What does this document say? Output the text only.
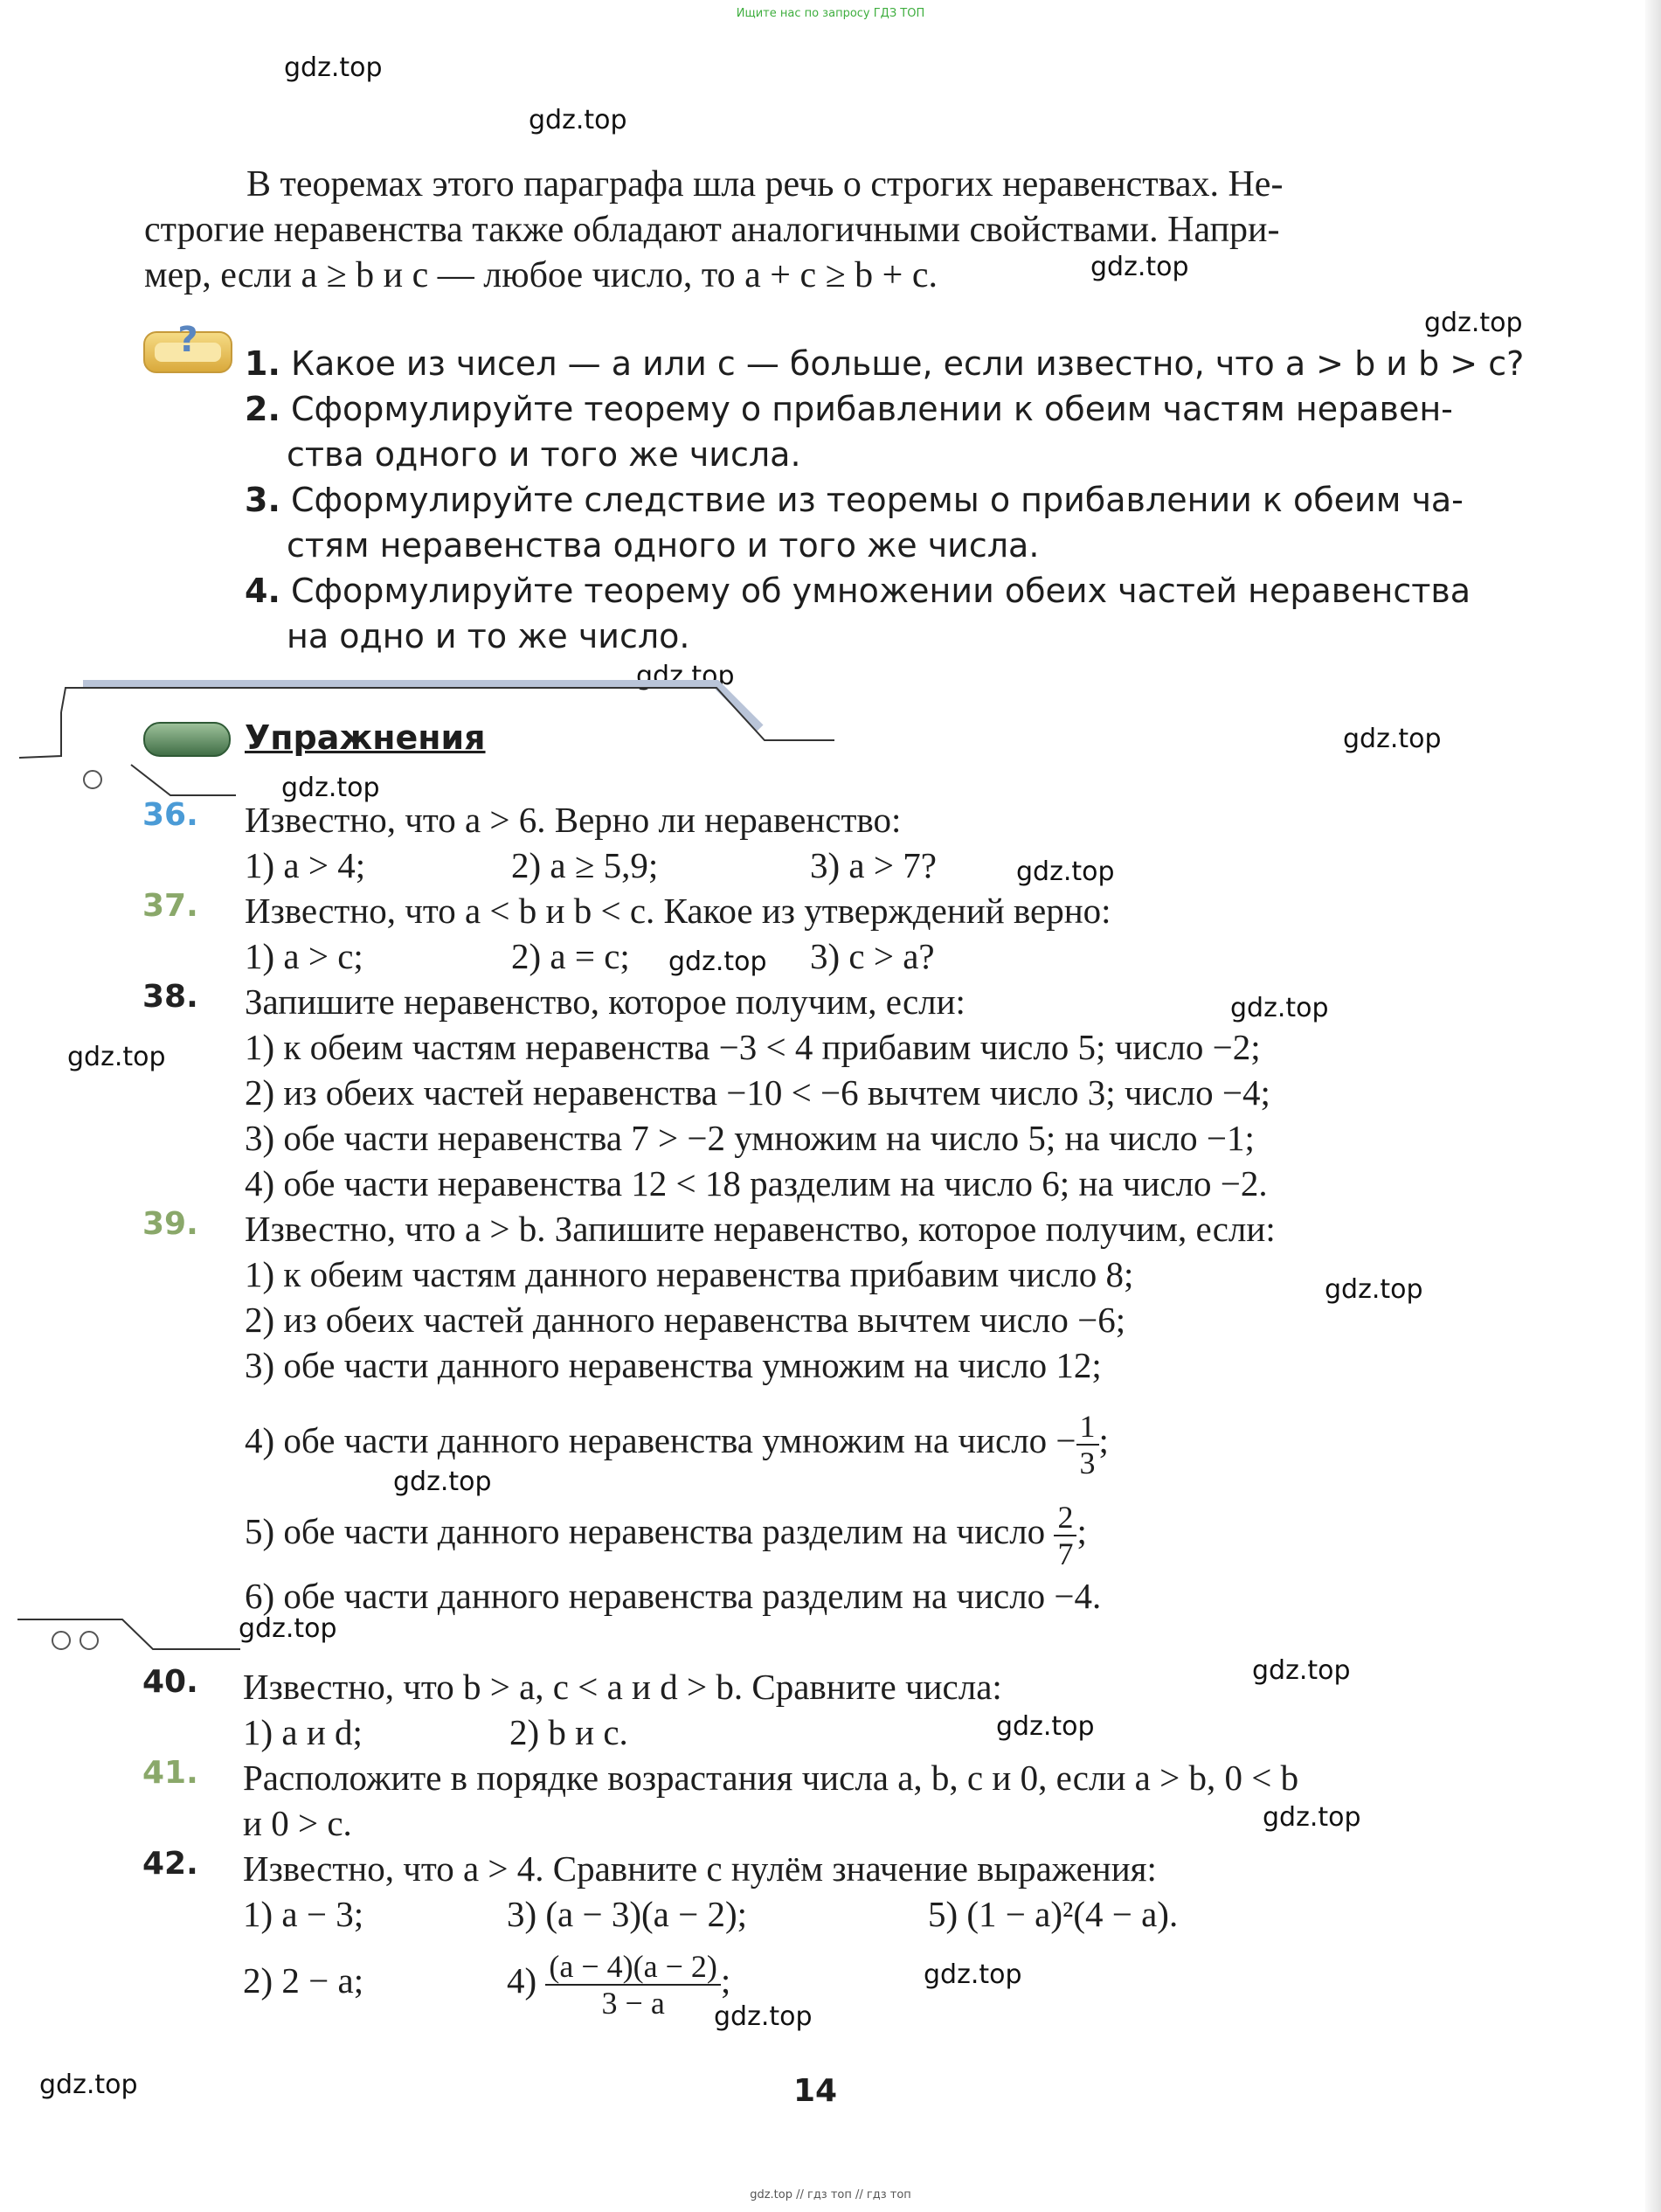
Ищите нас по запросу ГДЗ ТОП
gdz.top
gdz.top
gdz.top
gdz.top
gdz.top
gdz.top
gdz.top
gdz.top
gdz.top
gdz.top
gdz.top
gdz.top
gdz.top
gdz.top
gdz.top
gdz.top
gdz.top
gdz.top
gdz.top
gdz.top
В теоремах этого параграфа шла речь о строгих неравенствах. Не-
строгие неравенства также обладают аналогичными свойствами. Напри-
мер, если a ≥ b и c — любое число, то a + c ≥ b + c.
?
1. Какое из чисел — a или c — больше, если известно, что a > b и b > c?
2. Сформулируйте теорему о прибавлении к обеим частям неравен-
ства одного и того же числа.
3. Сформулируйте следствие из теоремы о прибавлении к обеим ча-
стям неравенства одного и того же числа.
4. Сформулируйте теорему об умножении обеих частей неравенства
на одно и то же число.
Упражнения
36. Известно, что a > 6. Верно ли неравенство:
1) a > 4;	2) a ≥ 5,9;	3) a > 7?
37. Известно, что a < b и b < c. Какое из утверждений верно:
1) a > c;	2) a = c;	3) c > a?
38. Запишите неравенство, которое получим, если:
1) к обеим частям неравенства −3 < 4 прибавим число 5; число −2;
2) из обеих частей неравенства −10 < −6 вычтем число 3; число −4;
3) обе части неравенства 7 > −2 умножим на число 5; на число −1;
4) обе части неравенства 12 < 18 разделим на число 6; на число −2.
39. Известно, что a > b. Запишите неравенство, которое получим, если:
1) к обеим частям данного неравенства прибавим число 8;
2) из обеих частей данного неравенства вычтем число −6;
3) обе части данного неравенства умножим на число 12;
4) обе части данного неравенства умножим на число − $\frac{1}{3}$ ;
5) обе части данного неравенства разделим на число $\frac{2}{7}$ ;
6) обе части данного неравенства разделим на число −4.
40. Известно, что b > a, c < a и d > b. Сравните числа:
1) a и d;	2) b и c.
41. Расположите в порядке возрастания числа a, b, c и 0, если a > b, 0 < b
и 0 > c.
42. Известно, что a > 4. Сравните с нулём значение выражения:
1) a − 3;	3) (a − 3)(a − 2);	5) (1 − a)²(4 − a).
2) 2 − a;	$4) \frac{(a - 4)(a - 2)}{3 - a}$ ;
14
gdz.top // гдз топ // гдз топ
